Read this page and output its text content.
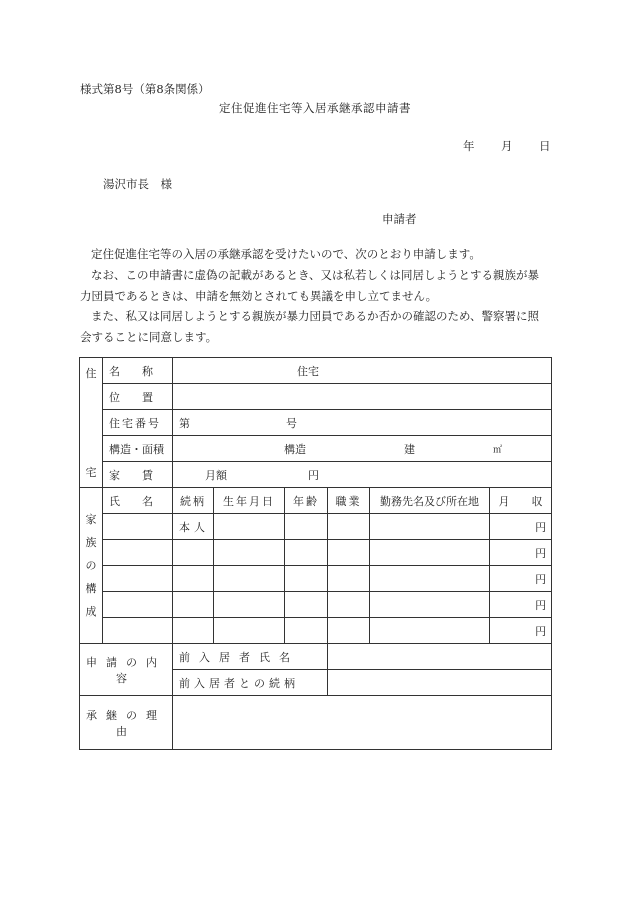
様式第8号（第8条関係）
定住促進住宅等入居承継承認申請書
年 月 日
湯沢市長　様
申請者
定住促進住宅等の入居の承継承認を受けたいので、次のとおり申請します。
なお、この申請書に虚偽の記載があるとき、又は私若しくは同居しようとする親族が暴力団員であるときは、申請を無効とされても異議を申し立てません。
また、私又は同居しようとする親族が暴力団員であるか否かの確認のため、警察署に照会することに同意します。
住
宅	名　　称	住宅					

	位　　置						
	住宅番号	第 号					

	構造・面積	構造 建 ㎡					

	家　　賃	月額 円					

家
族
の
構
成	氏　　名	続柄	生年月日	年齢	職業	勤務先名及び所在地	月　　収
		本人					円
							円
							円
							円
							円
申請の内容		前入居者氏名					
		前入居者との続柄					
承継の理由							
